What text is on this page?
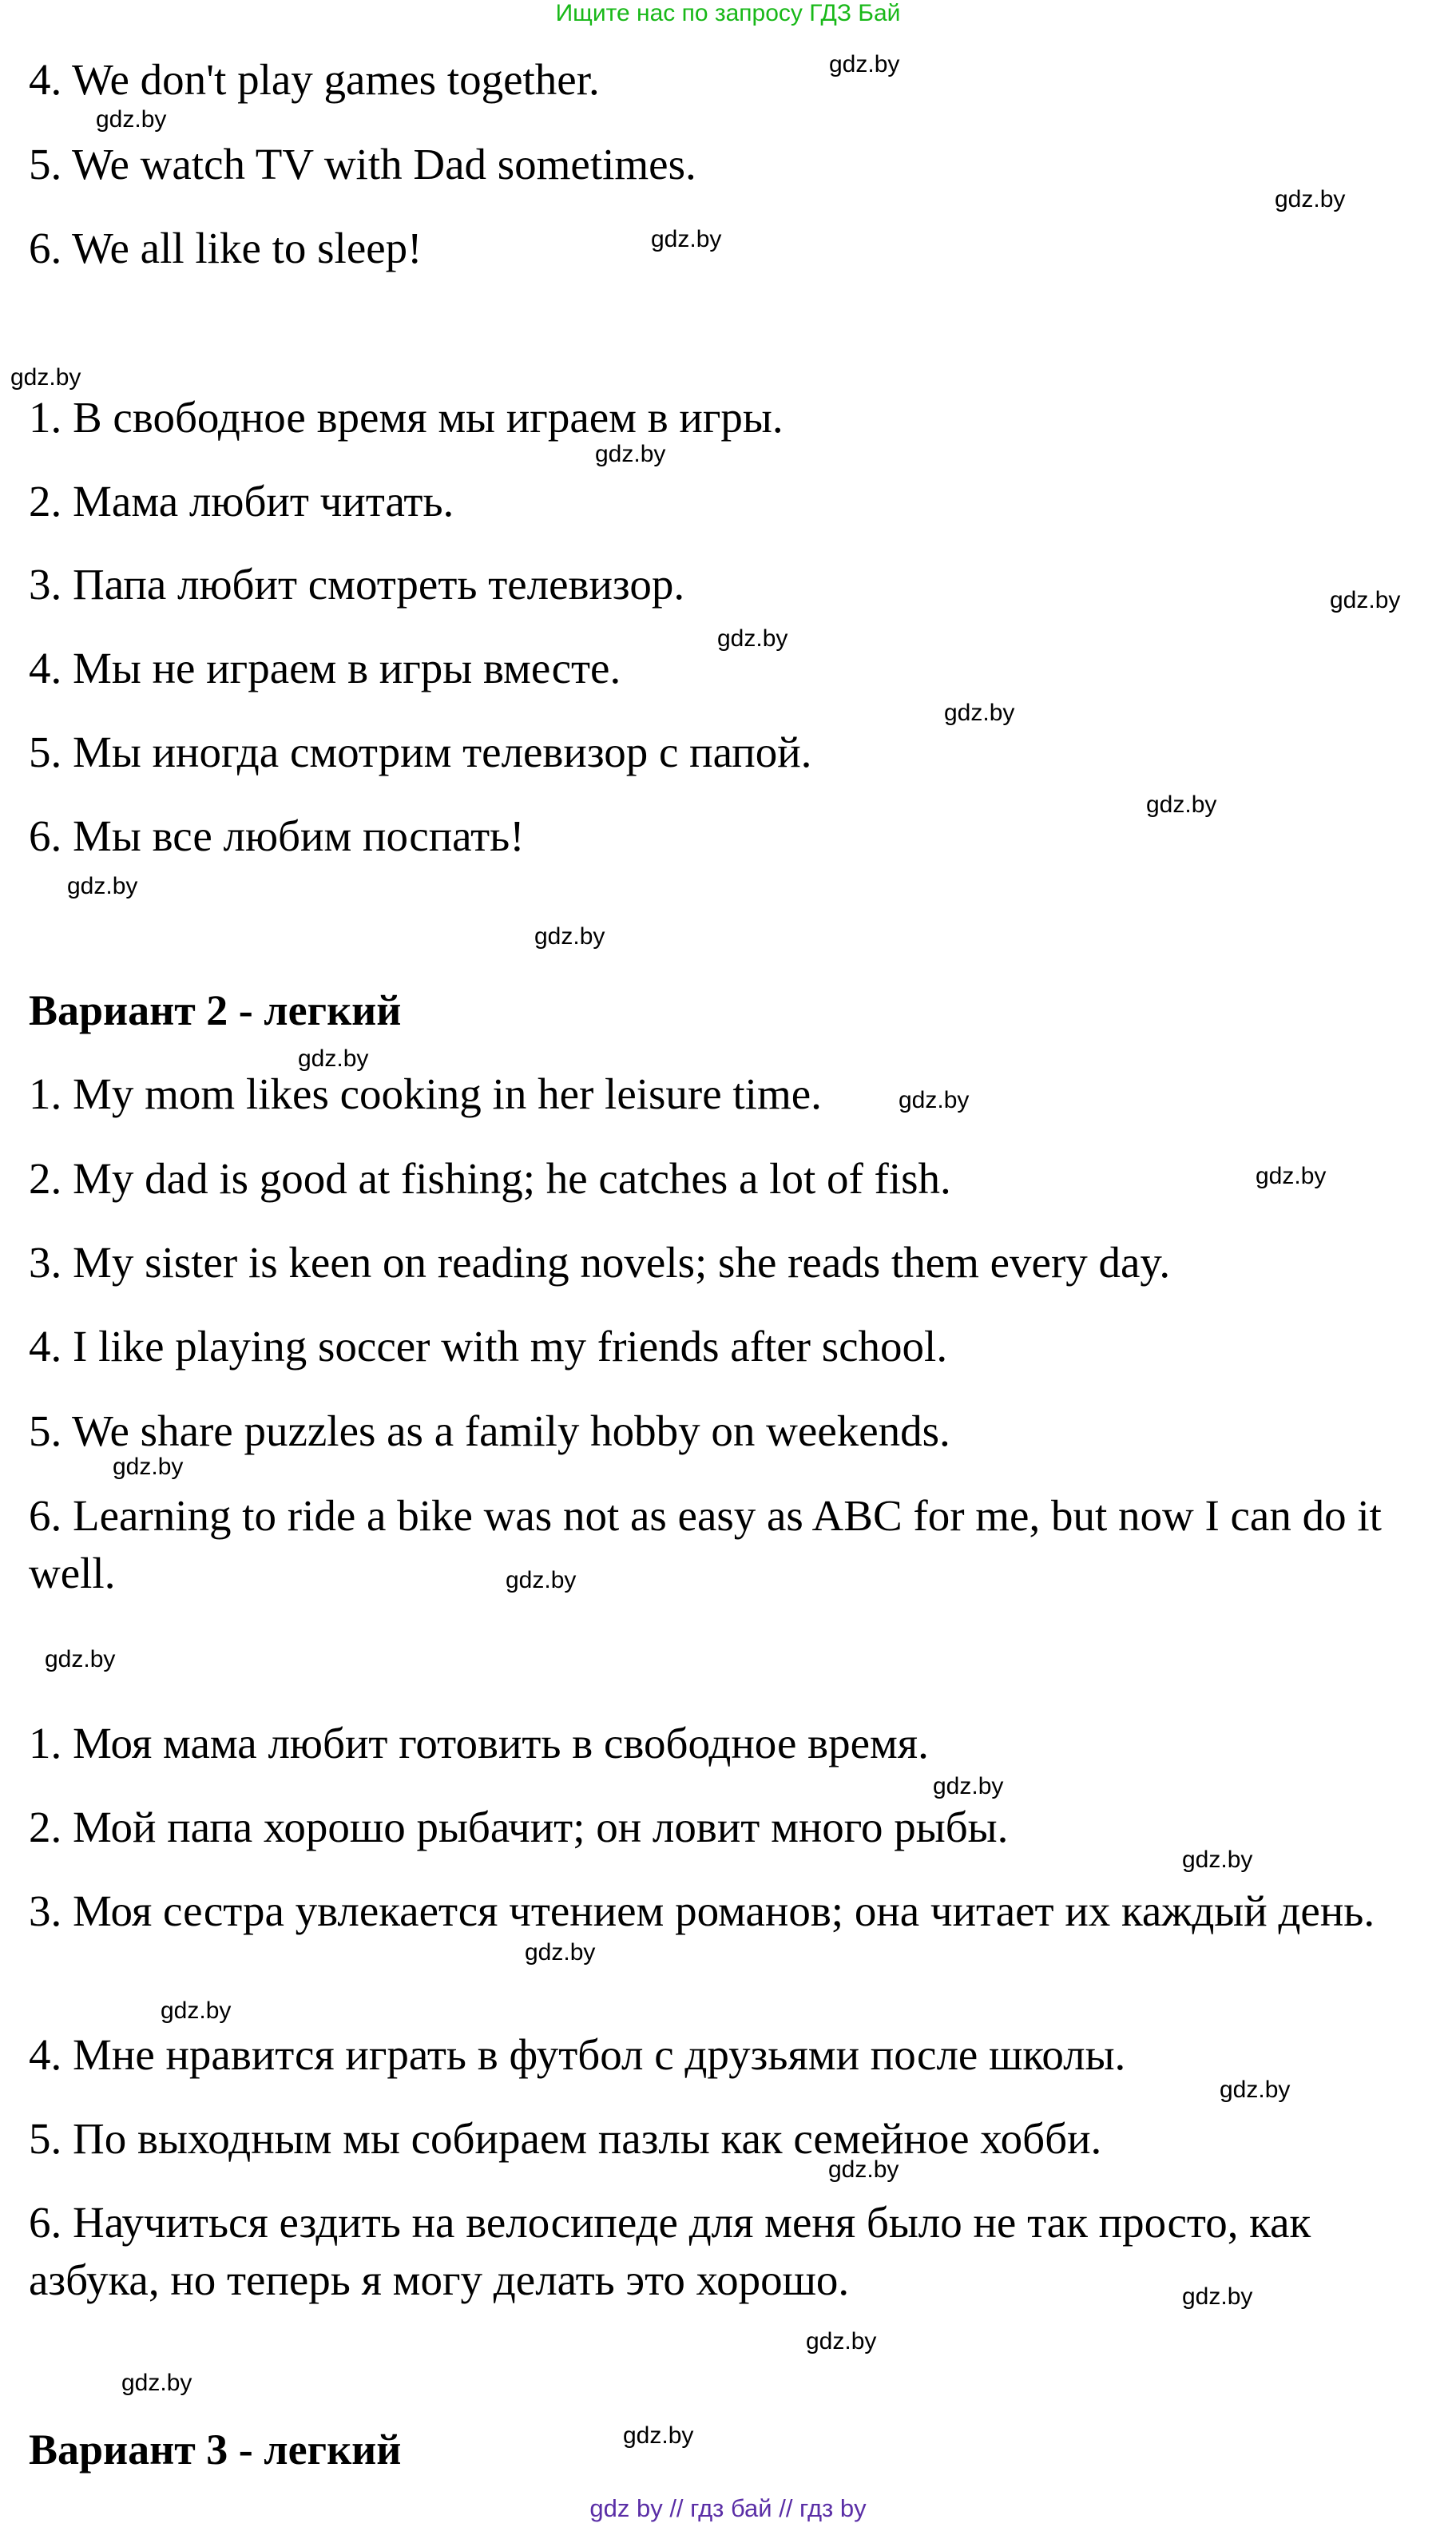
Ищите нас по запросу ГДЗ Бай
4. We don't play games together.
5. We watch TV with Dad sometimes.
6. We all like to sleep!
1. В свободное время мы играем в игры.
2. Мама любит читать.
3. Папа любит смотреть телевизор.
4. Мы не играем в игры вместе.
5. Мы иногда смотрим телевизор с папой.
6. Мы все любим поспать!
Вариант 2 - легкий
1. My mom likes cooking in her leisure time.
2. My dad is good at fishing; he catches a lot of fish.
3. My sister is keen on reading novels; she reads them every day.
4. I like playing soccer with my friends after school.
5. We share puzzles as a family hobby on weekends.
6. Learning to ride a bike was not as easy as ABC for me, but now I can do it well.
1. Моя мама любит готовить в свободное время.
2. Мой папа хорошо рыбачит; он ловит много рыбы.
3. Моя сестра увлекается чтением романов; она читает их каждый день.
4. Мне нравится играть в футбол с друзьями после школы.
5. По выходным мы собираем пазлы как семейное хобби.
6. Научиться ездить на велосипеде для меня было не так просто, как азбука, но теперь я могу делать это хорошо.
Вариант 3 - легкий
gdz.by
gdz.by
gdz.by
gdz.by
gdz.by
gdz.by
gdz.by
gdz.by
gdz.by
gdz.by
gdz.by
gdz.by
gdz.by
gdz.by
gdz.by
gdz.by
gdz.by
gdz.by
gdz.by
gdz.by
gdz.by
gdz.by
gdz.by
gdz.by
gdz.by
gdz.by
gdz.by
gdz.by
gdz by // гдз бай // гдз by
